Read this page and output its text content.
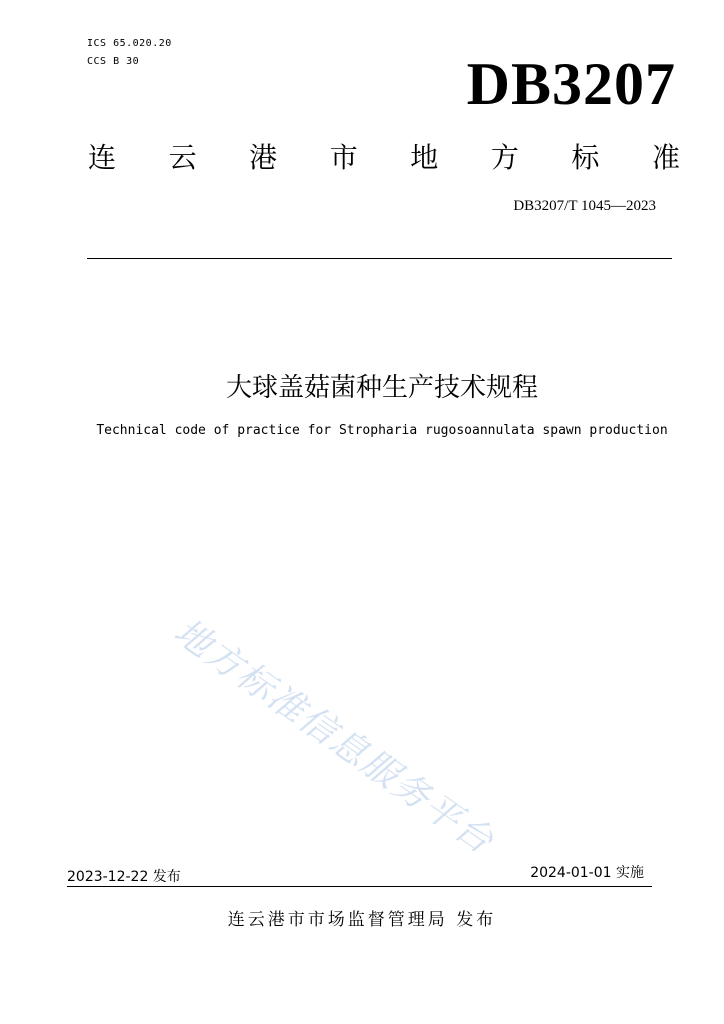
ICS 65.020.20
CCS B 30	DB3207
连 云 港 市 地 方 标 准
DB3207/T 1045—2023
大球盖菇菌种生产技术规程
Technical code of practice for Stropharia rugosoannulata spawn production
地方标准信息服务平台
2023-12-22 发布	2024-01-01 实施
连云港市市场监督管理局 发布
